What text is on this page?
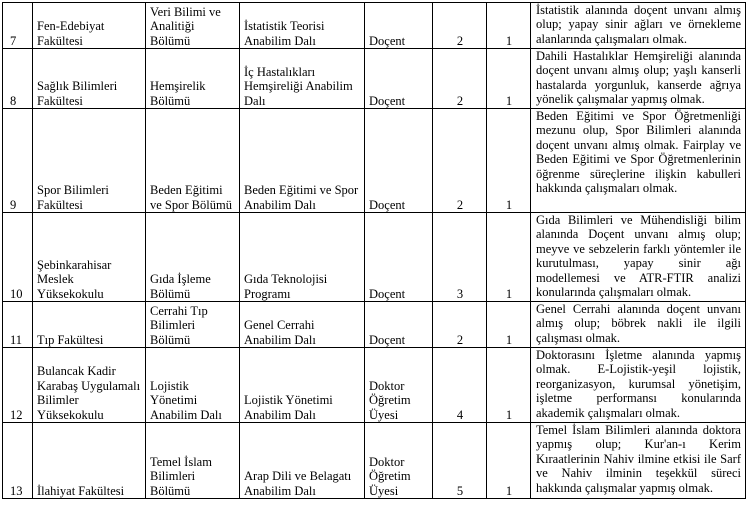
7	Fen-Edebiyat Fakültesi	Veri Bilimi ve Analitiği Bölümü	İstatistik Teorisi Anabilim Dalı	Doçent	2	1	İstatistik alanında doçent unvanı almış olup; yapay sinir ağları ve örnekleme alanlarında çalışmaları olmak.

8	Sağlık Bilimleri Fakültesi	Hemşirelik Bölümü	İç Hastalıkları Hemşireliği Anabilim Dalı	Doçent	2	1	Dahili Hastalıklar Hemşireliği alanında doçent unvanı almış olup; yaşlı kanserli hastalarda yorgunluk, kanserde ağrıya yönelik çalışmalar yapmış olmak.

9	Spor Bilimleri Fakültesi	Beden Eğitimi ve Spor Bölümü	Beden Eğitimi ve Spor Anabilim Dalı	Doçent	2	1	Beden Eğitimi ve Spor Öğretmenliği mezunu olup, Spor Bilimleri alanında doçent unvanı almış olmak. Fairplay ve Beden Eğitimi ve Spor Öğretmenlerinin öğrenme süreçlerine ilişkin kabulleri hakkında çalışmaları olmak.

10	Şebinkarahisar Meslek Yüksekokulu	Gıda İşleme Bölümü	Gıda Teknolojisi Programı	Doçent	3	1	Gıda Bilimleri ve Mühendisliği bilim alanında Doçent unvanı almış olup; meyve ve sebzelerin farklı yöntemler ile kurutulması, yapay sinir ağı modellemesi ve ATR-FTIR analizi konularında çalışmaları olmak.

11	Tıp Fakültesi	Cerrahi Tıp Bilimleri Bölümü	Genel Cerrahi Anabilim Dalı	Doçent	2	1	Genel Cerrahi alanında doçent unvanı almış olup; böbrek nakli ile ilgili çalışması olmak.

12	Bulancak Kadir Karabaş Uygulamalı Bilimler Yüksekokulu	Lojistik Yönetimi Anabilim Dalı	Lojistik Yönetimi Anabilim Dalı	Doktor Öğretim Üyesi	4	1	Doktorasını İşletme alanında yapmış olmak. E-Lojistik-yeşil lojistik, reorganizasyon, kurumsal yönetişim, işletme performansı konularında akademik çalışmaları olmak.

13	İlahiyat Fakültesi	Temel İslam Bilimleri Bölümü	Arap Dili ve Belagatı Anabilim Dalı	Doktor Öğretim Üyesi	5	1	Temel İslam Bilimleri alanında doktora yapmış olup; Kur'an-ı Kerim Kıraatlerinin Nahiv ilmine etkisi ile Sarf ve Nahiv ilminin teşekkül süreci hakkında çalışmalar yapmış olmak.
